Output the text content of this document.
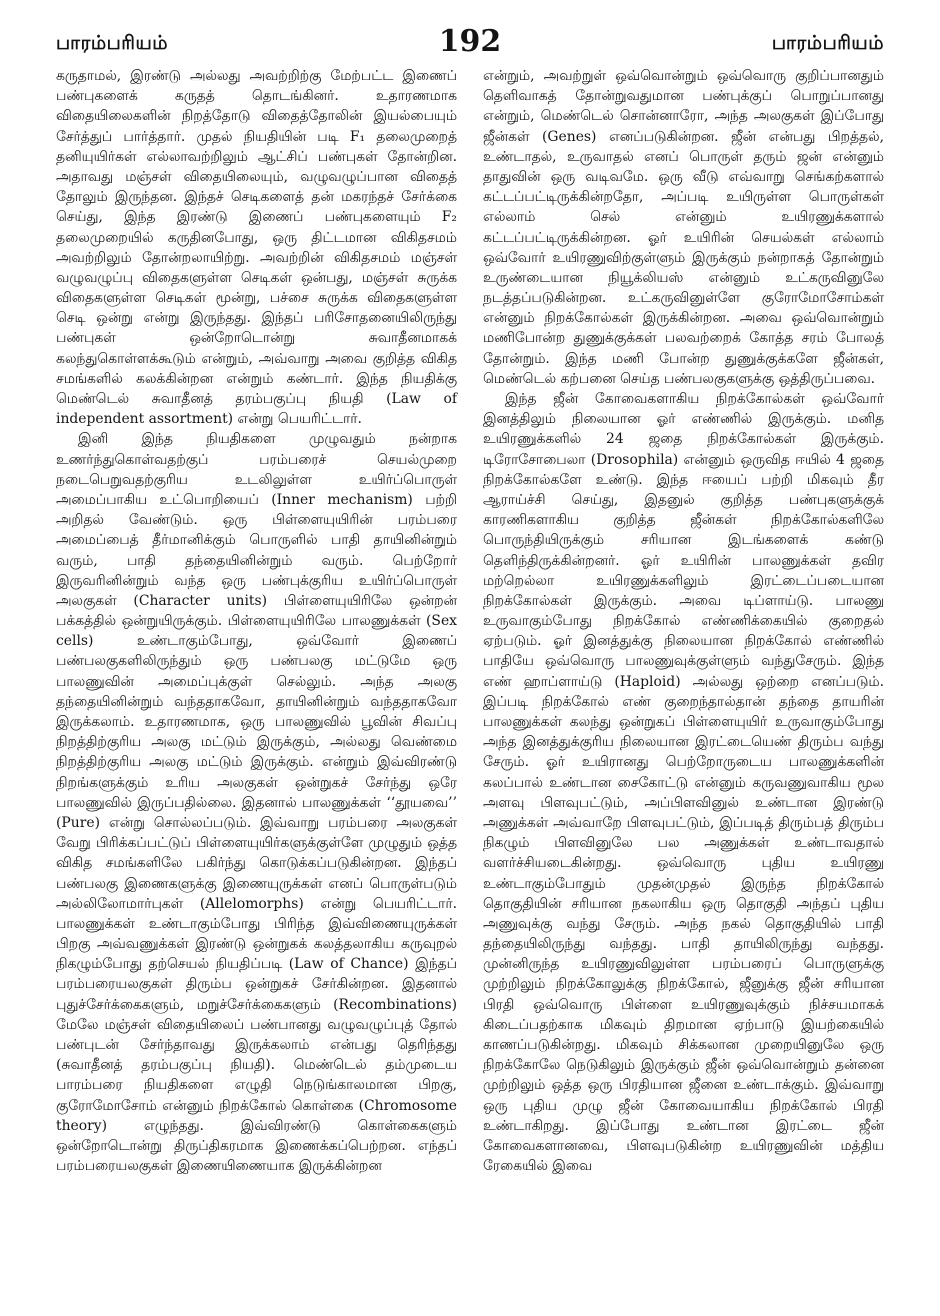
பாரம்பரியம்	192	பாரம்பரியம்

கருதாமல், இரண்டு அல்லது அவற்றிற்கு மேற்பட்ட இணைப் பண்புகளைக் கருதத் தொடங்கினர். உதாரணமாக விதையிலைகளின் நிறத்தோடு விதைத்தோலின் இயல்பையும் சேர்த்துப் பார்த்தார். முதல் நியதியின் படி F₁ தலைமுறைத் தனியுயிர்கள் எல்லாவற்றிலும் ஆட்சிப் பண்புகள் தோன்றின. அதாவது மஞ்சள் விதையிலையும், வழுவழுப்பான விதைத் தோலும் இருந்தன. இந்தச் செடிகளைத் தன் மகரந்தச் சேர்க்கை செய்து, இந்த இரண்டு இணைப் பண்புகளையும் F₂ தலைமுறையில் கருதினபோது, ஒரு திட்டமான விகிதசமம் அவற்றிலும் தோன்றலாயிற்று. அவற்றின் விகிதசமம் மஞ்சள் வழுவழுப்பு விதைகளுள்ள செடிகள் ஒன்பது, மஞ்சள் சுருக்க விதைகளுள்ள செடிகள் மூன்று, பச்சை சுருக்க விதைகளுள்ள செடி ஒன்று என்று இருந்தது. இந்தப் பரிசோதனையிலிருந்து பண்புகள் ஒன்றோடொன்று சுவாதீனமாகக் கலந்துகொள்ளக்கூடும் என்றும், அவ்வாறு அவை குறித்த விகித சமங்களில் கலக்கின்றன என்றும் கண்டார். இந்த நியதிக்கு மெண்டெல் சுவாதீனத் தரம்பகுப்பு நியதி (Law of independent assortment) என்று பெயரிட்டார்.

இனி இந்த நியதிகளை முழுவதும் நன்றாக உணர்ந்துகொள்வதற்குப் பரம்பரைச் செயல்முறை நடைபெறுவதற்குரிய உடலிலுள்ள உயிர்ப்பொருள் அமைப்பாகிய உட்பொறியைப் (Inner mechanism) பற்றி அறிதல் வேண்டும். ஒரு பிள்ளையுயிரின் பரம்பரை அமைப்பைத் தீர்மானிக்கும் பொருளில் பாதி தாயினின்றும் வரும், பாதி தந்தையினின்றும் வரும். பெற்றோர் இருவரினின்றும் வந்த ஒரு பண்புக்குரிய உயிர்ப்பொருள் அலகுகள் (Character units) பிள்ளையுயிரிலே ஒன்றன் பக்கத்தில் ஒன்றுயிருக்கும். பிள்ளையுயிரிலே பாலணுக்கள் (Sex cells) உண்டாகும்போது, ஒவ்வோர் இணைப் பண்பலகுகளிலிருந்தும் ஒரு பண்பலகு மட்டுமே ஒரு பாலணுவின் அமைப்புக்குள் செல்லும். அந்த அலகு தந்தையினின்றும் வந்ததாகவோ, தாயினின்றும் வந்ததாகவோ இருக்கலாம். உதாரணமாக, ஒரு பாலணுவில் பூவின் சிவப்பு நிறத்திற்குரிய அலகு மட்டும் இருக்கும், அல்லது வெண்மை நிறத்திற்குரிய அலகு மட்டும் இருக்கும். என்றும் இவ்விரண்டு நிறங்களுக்கும் உரிய அலகுகள் ஒன்றுகச் சேர்ந்து ஒரே பாலணுவில் இருப்பதில்லை. இதனால் பாலணுக்கள் ‘‘தூயவை’’ (Pure) என்று சொல்லப்படும். இவ்வாறு பரம்பரை அலகுகள் வேறு பிரிக்கப்பட்டுப் பிள்ளையுயிர்களுக்குள்ளே முழுதும் ஒத்த விகித சமங்களிலே பகிர்ந்து கொடுக்கப்படுகின்றன. இந்தப் பண்பலகு இணைகளுக்கு இணையுருக்கள் எனப் பொருள்படும் அல்லிலோமார்புகள் (Allelomorphs) என்று பெயரிட்டார். பாலணுக்கள் உண்டாகும்போது பிரிந்த இவ்விணையுருக்கள் பிறகு அவ்வணுக்கள் இரண்டு ஒன்றுகக் கலத்தலாகிய கருவுறல் நிகழும்போது தற்செயல் நியதிப்படி (Law of Chance) இந்தப் பரம்பரையலகுகள் திரும்ப ஒன்றுகச் சேர்கின்றன. இதனால் புதுச்சேர்க்கைகளும், மறுச்சேர்க்கைகளும் (Recombinations) மேலே மஞ்சள் விதையிலைப் பண்பானது வழுவழுப்புத் தோல் பண்புடன் சேர்ந்தாவது இருக்கலாம் என்பது தெரிந்தது (சுவாதீனத் தரம்பகுப்பு நியதி). மெண்டெல் தம்முடைய பாரம்பரை நியதிகளை எழுதி நெடுங்காலமான பிறகு, குரோமோசோம் என்னும் நிறக்கோல் கொள்கை (Chromosome theory) எழுந்தது. இவ்விரண்டு கொள்கைகளும் ஒன்றோடொன்று திருப்திகரமாக இணைக்கப்பெற்றன. எந்தப் பரம்பரையலகுகள் இணையிணையாக இருக்கின்றன

என்றும், அவற்றுள் ஒவ்வொன்றும் ஒவ்வொரு குறிப்பானதும் தெளிவாகத் தோன்றுவதுமான பண்புக்குப் பொறுப்பானது என்றும், மெண்டெல் சொன்னாரோ, அந்த அலகுகள் இப்போது ஜீன்கள் (Genes) எனப்படுகின்றன. ஜீன் என்பது பிறத்தல், உண்டாதல், உருவாதல் எனப் பொருள் தரும் ஜன் என்னும் தாதுவின் ஒரு வடிவமே. ஒரு வீடு எவ்வாறு செங்கற்களால் கட்டப்பட்டிருக்கின்றதோ, அப்படி உயிருள்ள பொருள்கள் எல்லாம் செல் என்னும் உயிரணுக்களால் கட்டப்பட்டிருக்கின்றன. ஓர் உயிரின் செயல்கள் எல்லாம் ஒவ்வோர் உயிரணுவிற்குள்ளும் இருக்கும் நன்றாகத் தோன்றும் உருண்டையான நியூக்லியஸ் என்னும் உட்கருவினுலே நடத்தப்படுகின்றன. உட்கருவினுள்ளே குரோமோசோம்கள் என்னும் நிறக்கோல்கள் இருக்கின்றன. அவை ஒவ்வொன்றும் மணிபோன்ற துணுக்குக்கள் பலவற்றைக் கோத்த சரம் போலத் தோன்றும். இந்த மணி போன்ற துணுக்குக்களே ஜீன்கள், மெண்டெல் கற்பனை செய்த பண்பலகுகளுக்கு ஒத்திருப்பவை.

இந்த ஜீன் கோவைகளாகிய நிறக்கோல்கள் ஒவ்வோர் இனத்திலும் நிலையான ஓர் எண்ணில் இருக்கும். மனித உயிரணுக்களில் 24 ஜதை நிறக்கோல்கள் இருக்கும். டிரோசோபைலா (Drosophila) என்னும் ஒருவித ஈயில் 4 ஜதை நிறக்கோல்களே உண்டு. இந்த ஈயைப் பற்றி மிகவும் தீர ஆராய்ச்சி செய்து, இதனுல் குறித்த பண்புகளுக்குக் காரணிகளாகிய குறித்த ஜீன்கள் நிறக்கோல்களிலே பொருந்தியிருக்கும் சரியான இடங்களைக் கண்டு தெளிந்திருக்கின்றனர். ஓர் உயிரின் பாலணுக்கள் தவிர மற்றெல்லா உயிரணுக்களிலும் இரட்டைப்படையான நிறக்கோல்கள் இருக்கும். அவை டிப்ளாய்டு. பாலணு உருவாகும்போது நிறக்கோல் எண்ணிக்கையில் குறைதல் ஏற்படும். ஓர் இனத்துக்கு நிலையான நிறக்கோல் எண்ணில் பாதியே ஒவ்வொரு பாலணுவுக்குள்ளும் வந்துசேரும். இந்த எண் ஹாப்ளாய்டு (Haploid) அல்லது ஒற்றை எனப்படும். இப்படி நிறக்கோல் எண் குறைந்தால்தான் தந்தை தாயரின் பாலணுக்கள் கலந்து ஒன்றுகப் பிள்ளையுயிர் உருவாகும்போது அந்த இனத்துக்குரிய நிலையான இரட்டையெண் திரும்ப வந்து சேரும். ஓர் உயிரானது பெற்றோருடைய பாலணுக்களின் கலப்பால் உண்டான சைகோட்டு என்னும் கருவணுவாகிய மூல அளவு பிளவுபட்டும், அப்பிளவினுல் உண்டான இரண்டு அணுக்கள் அவ்வாறே பிளவுபட்டும், இப்படித் திரும்பத் திரும்ப நிகழும் பிளவினுலே பல அணுக்கள் உண்டாவதால் வளர்ச்சியடைகின்றது. ஒவ்வொரு புதிய உயிரணு உண்டாகும்போதும் முதன்முதல் இருந்த நிறக்கோல் தொகுதியின் சரியான நகலாகிய ஒரு தொகுதி அந்தப் புதிய அணுவுக்கு வந்து சேரும். அந்த நகல் தொகுதியில் பாதி தந்தையிலிருந்து வந்தது. பாதி தாயிலிருந்து வந்தது. முன்னிருந்த உயிரணுவிலுள்ள பரம்பரைப் பொருளுக்கு முற்றிலும் நிறக்கோலுக்கு நிறக்கோல், ஜீனுக்கு ஜீன் சரியான பிரதி ஒவ்வொரு பிள்ளை உயிரணுவுக்கும் நிச்சயமாகக் கிடைப்பதற்காக மிகவும் திறமான ஏற்பாடு இயற்கையில் காணப்படுகின்றது. மிகவும் சிக்கலான முறையினுலே ஒரு நிறக்கோலே நெடுகிலும் இருக்கும் ஜீன் ஒவ்வொன்றும் தன்னை முற்றிலும் ஒத்த ஒரு பிரதியான ஜீனை உண்டாக்கும். இவ்வாறு ஒரு புதிய முழு ஜீன் கோவையாகிய நிறக்கோல் பிரதி உண்டாகிறது. இப்போது உண்டான இரட்டை ஜீன் கோவைகளானவை, பிளவுபடுகின்ற உயிரணுவின் மத்திய ரேகையில் இவை
